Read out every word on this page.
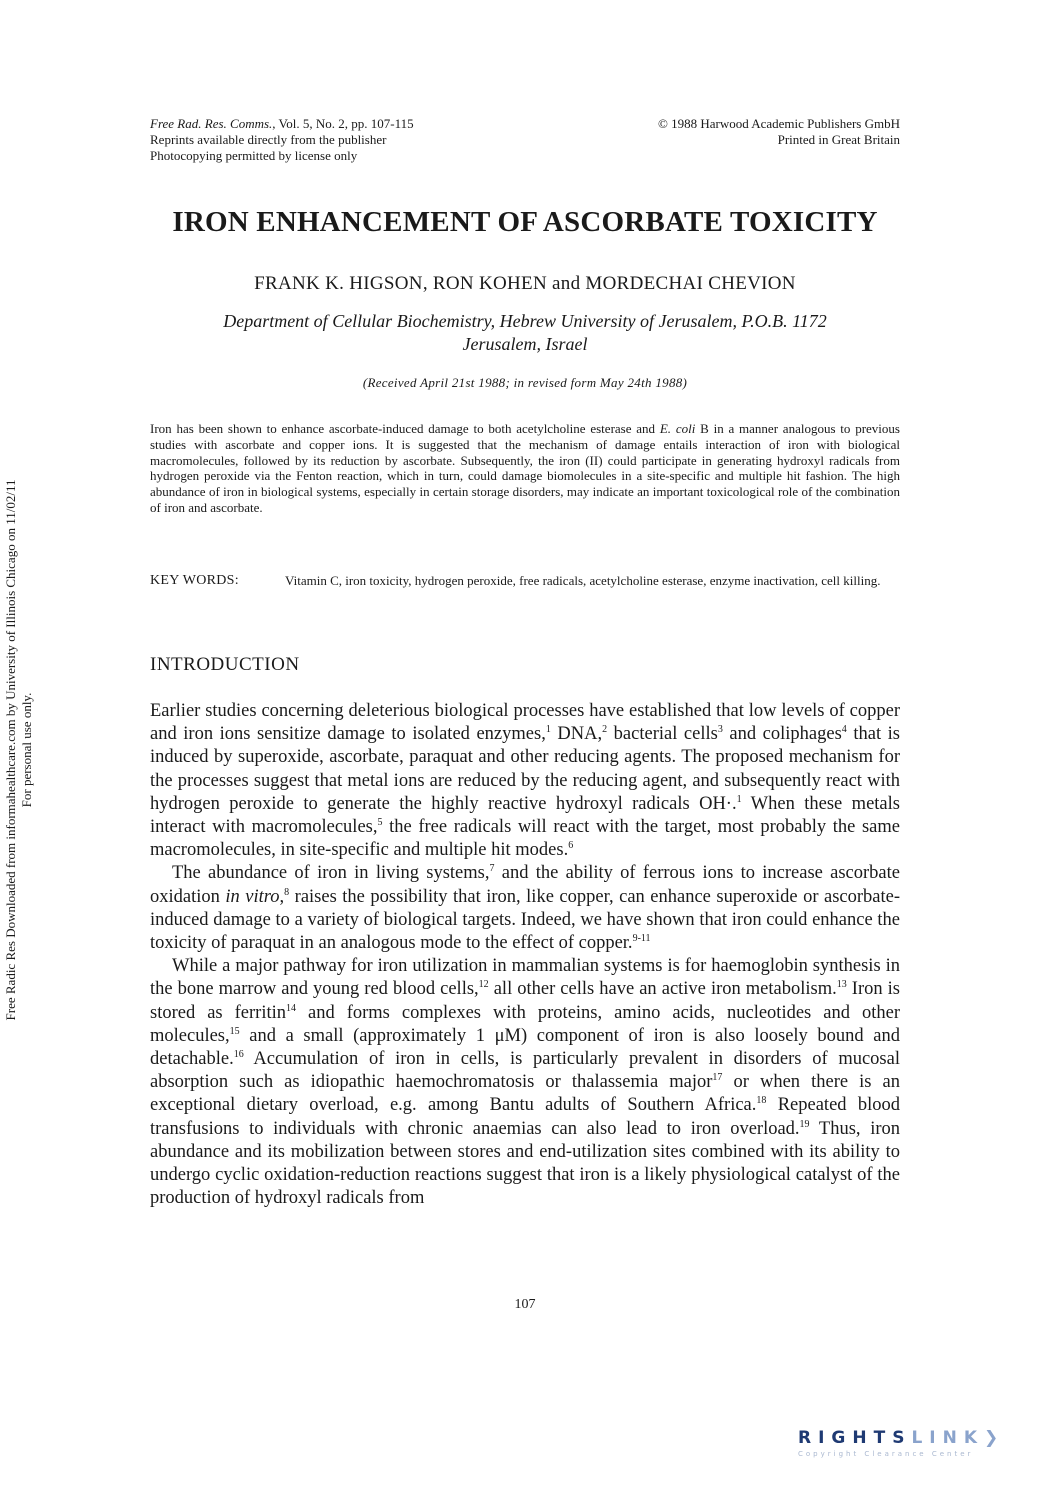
Free Rad. Res. Comms., Vol. 5, No. 2, pp. 107-115
Reprints available directly from the publisher
Photocopying permitted by license only
© 1988 Harwood Academic Publishers GmbH
Printed in Great Britain
IRON ENHANCEMENT OF ASCORBATE TOXICITY
FRANK K. HIGSON, RON KOHEN and MORDECHAI CHEVION
Department of Cellular Biochemistry, Hebrew University of Jerusalem, P.O.B. 1172
Jerusalem, Israel
(Received April 21st 1988; in revised form May 24th 1988)
Iron has been shown to enhance ascorbate-induced damage to both acetylcholine esterase and E. coli B in a manner analogous to previous studies with ascorbate and copper ions. It is suggested that the mechanism of damage entails interaction of iron with biological macromolecules, followed by its reduction by ascorbate. Subsequently, the iron (II) could participate in generating hydroxyl radicals from hydrogen peroxide via the Fenton reaction, which in turn, could damage biomolecules in a site-specific and multiple hit fashion. The high abundance of iron in biological systems, especially in certain storage disorders, may indicate an important toxicological role of the combination of iron and ascorbate.
KEY WORDS:	Vitamin C, iron toxicity, hydrogen peroxide, free radicals, acetylcholine esterase, enzyme inactivation, cell killing.
INTRODUCTION

Earlier studies concerning deleterious biological processes have established that low levels of copper and iron ions sensitize damage to isolated enzymes,$^1$ DNA,$^2$ bacterial cells$^3$ and coliphages$^4$ that is induced by superoxide, ascorbate, paraquat and other reducing agents. The proposed mechanism for the processes suggest that metal ions are reduced by the reducing agent, and subsequently react with hydrogen peroxide to generate the highly reactive hydroxyl radicals OH·.$^1$ When these metals interact with macromolecules,$^5$ the free radicals will react with the target, most probably the same macromolecules, in site-specific and multiple hit modes.$^6$

The abundance of iron in living systems,$^7$ and the ability of ferrous ions to increase ascorbate oxidation in vitro,$^8$ raises the possibility that iron, like copper, can enhance superoxide or ascorbate-induced damage to a variety of biological targets. Indeed, we have shown that iron could enhance the toxicity of paraquat in an analogous mode to the effect of copper.$^{9-11}$

While a major pathway for iron utilization in mammalian systems is for haemoglobin synthesis in the bone marrow and young red blood cells,$^{12}$ all other cells have an active iron metabolism.$^{13}$ Iron is stored as ferritin$^{14}$ and forms complexes with proteins, amino acids, nucleotides and other molecules,$^{15}$ and a small (approximately 1 μM) component of iron is also loosely bound and detachable.$^{16}$ Accumulation of iron in cells, is particularly prevalent in disorders of mucosal absorption such as idiopathic haemochromatosis or thalassemia major$^{17}$ or when there is an exceptional dietary overload, e.g. among Bantu adults of Southern Africa.$^{18}$ Repeated blood transfusions to individuals with chronic anaemias can also lead to iron overload.$^{19}$ Thus, iron abundance and its mobilization between stores and end-utilization sites combined with its ability to undergo cyclic oxidation-reduction reactions suggest that iron is a likely physiological catalyst of the production of hydroxyl radicals from

107
Free Radic Res Downloaded from informahealthcare.com by University of Illinois Chicago on 11/02/11 For personal use only.
RIGHTSLINK❯
Copyright Clearance Center
